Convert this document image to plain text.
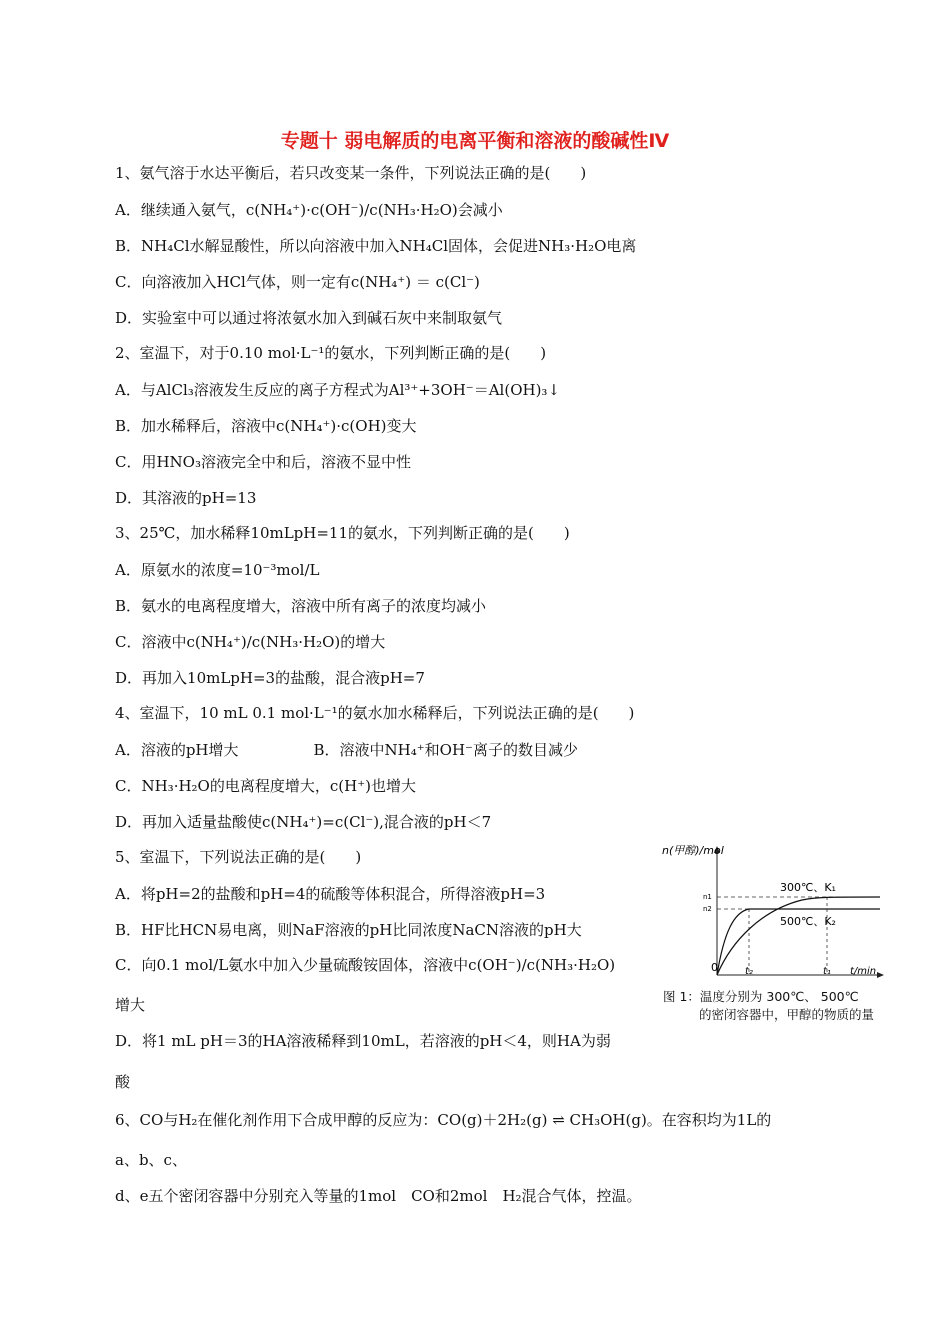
专题十 弱电解质的电离平衡和溶液的酸碱性Ⅳ
1、氨气溶于水达平衡后，若只改变某一条件，下列说法正确的是(　　)
A．继续通入氨气，c(NH₄⁺)·c(OH⁻)/c(NH₃·H₂O)会减小
B．NH₄Cl水解显酸性，所以向溶液中加入NH₄Cl固体，会促进NH₃·H₂O电离
C．向溶液加入HCl气体，则一定有c(NH₄⁺) ＝ c(Cl⁻)
D．实验室中可以通过将浓氨水加入到碱石灰中来制取氨气
2、室温下，对于0.10 mol·L⁻¹的氨水，下列判断正确的是(　　)
A．与AlCl₃溶液发生反应的离子方程式为Al³⁺+3OH⁻＝Al(OH)₃↓
B．加水稀释后，溶液中c(NH₄⁺)·c(OH)变大
C．用HNO₃溶液完全中和后，溶液不显中性
D．其溶液的pH=13
3、25℃，加水稀释10mLpH=11的氨水，下列判断正确的是(　　)
A．原氨水的浓度=10⁻³mol/L
B．氨水的电离程度增大，溶液中所有离子的浓度均减小
C．溶液中c(NH₄⁺)/c(NH₃·H₂O)的增大
D．再加入10mLpH=3的盐酸，混合液pH=7
4、室温下，10 mL 0.1 mol·L⁻¹的氨水加水稀释后，下列说法正确的是(　　)
A．溶液的pH增大　　　　　B．溶液中NH₄⁺和OH⁻离子的数目减少
C．NH₃·H₂O的电离程度增大，c(H⁺)也增大
D．再加入适量盐酸使c(NH₄⁺)=c(Cl⁻),混合液的pH＜7
5、室温下，下列说法正确的是(　　)
A．将pH=2的盐酸和pH=4的硫酸等体积混合，所得溶液pH=3
B．HF比HCN易电离，则NaF溶液的pH比同浓度NaCN溶液的pH大
C．向0.1 mol/L氨水中加入少量硫酸铵固体，溶液中c(OH⁻)/c(NH₃·H₂O)
增大
D．将1 mL pH＝3的HA溶液稀释到10mL，若溶液的pH＜4，则HA为弱
酸
6、CO与H₂在催化剂作用下合成甲醇的反应为：CO(g)＋2H₂(g) ⇌ CH₃OH(g)。在容积均为1L的
a、b、c、
d、e五个密闭容器中分别充入等量的1mol　CO和2mol　H₂混合气体，控温。
n(甲醇)/mol
n1
n2
300℃、K₁
500℃、K₂
0	t₂	t₁ t/min
图 1：温度分别为 300℃、 500℃
的密闭容器中，甲醇的物质的量
